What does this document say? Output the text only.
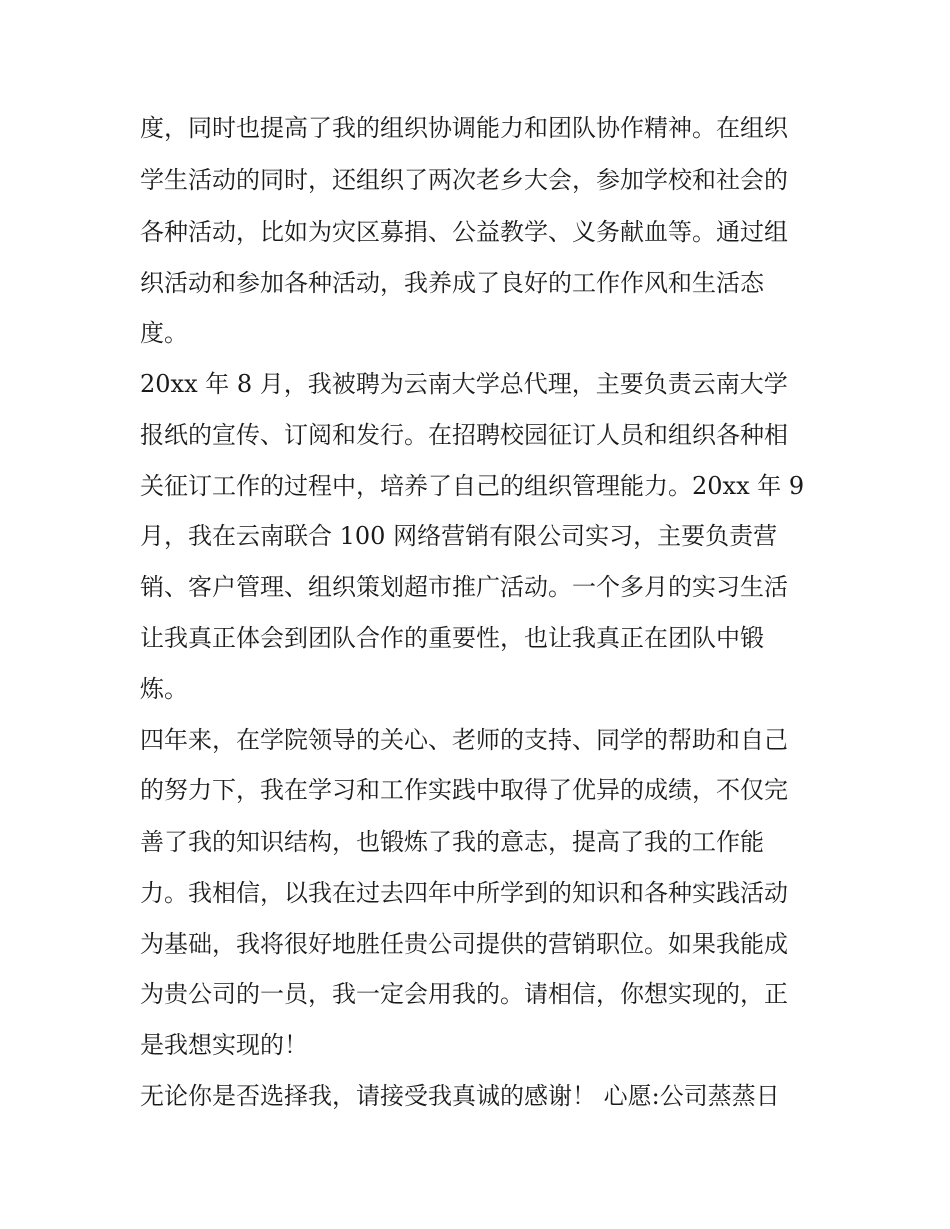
度，同时也提高了我的组织协调能力和团队协作精神。在组织
学生活动的同时，还组织了两次老乡大会，参加学校和社会的
各种活动，比如为灾区募捐、公益教学、义务献血等。通过组
织活动和参加各种活动，我养成了良好的工作作风和生活态
度。
20xx 年 8 月，我被聘为云南大学总代理，主要负责云南大学
报纸的宣传、订阅和发行。在招聘校园征订人员和组织各种相
关征订工作的过程中，培养了自己的组织管理能力。20xx 年 9
月，我在云南联合 100 网络营销有限公司实习，主要负责营
销、客户管理、组织策划超市推广活动。一个多月的实习生活
让我真正体会到团队合作的重要性，也让我真正在团队中锻
炼。
四年来，在学院领导的关心、老师的支持、同学的帮助和自己
的努力下，我在学习和工作实践中取得了优异的成绩，不仅完
善了我的知识结构，也锻炼了我的意志，提高了我的工作能
力。我相信，以我在过去四年中所学到的知识和各种实践活动
为基础，我将很好地胜任贵公司提供的营销职位。如果我能成
为贵公司的一员，我一定会用我的。请相信，你想实现的，正
是我想实现的！
无论你是否选择我，请接受我真诚的感谢！ 心愿:公司蒸蒸日
